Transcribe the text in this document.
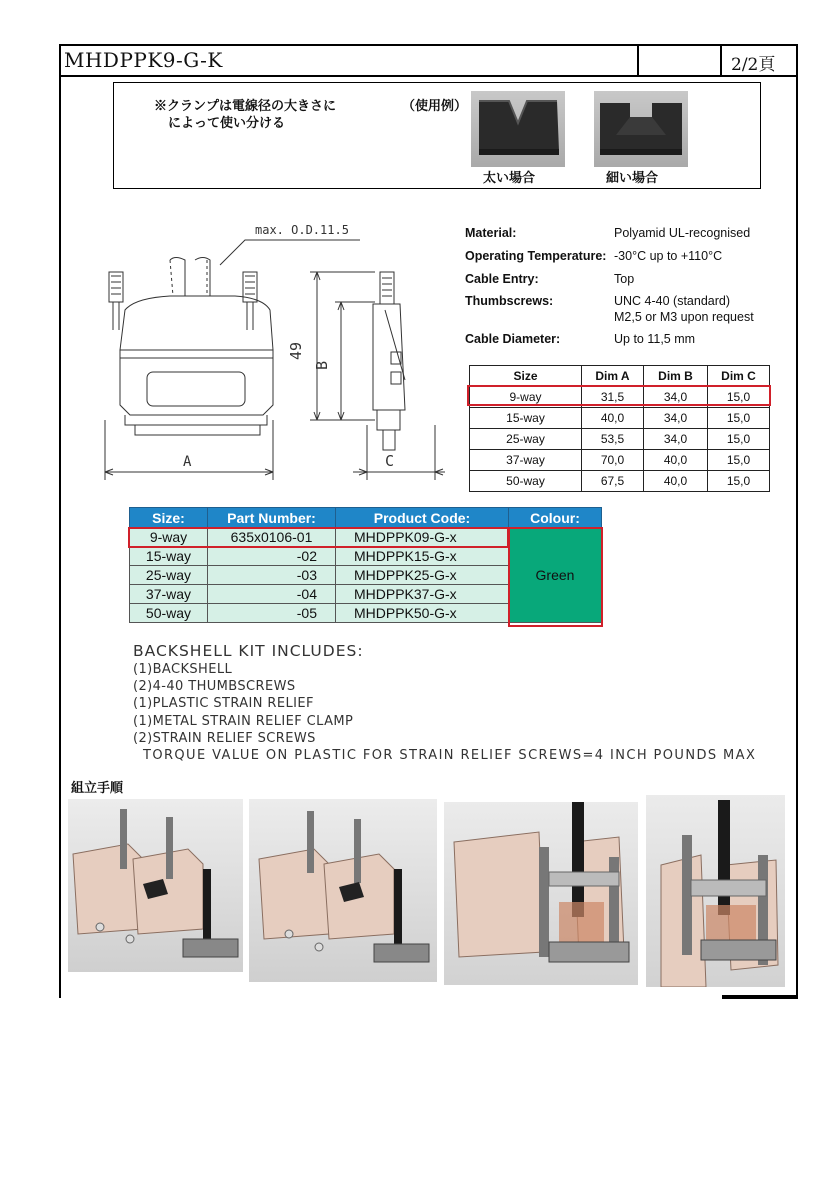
MHDPPK9-G-K	2/2頁
※クランプは電線径の大きさに
によって使い分ける
（使用例）
太い場合	細い場合
max. O.D.11.5
A
49
B
C
Material:	Polyamid UL-recognised
Operating Temperature: -30°C up to +110°C
Cable Entry:	Top
Thumbscrews:	UNC 4-40 (standard)
M2,5 or M3 upon request
Cable Diameter:	Up to 11,5 mm
Size	Dim A	Dim B	Dim C
9-way	31,5	34,0	15,0
15-way	40,0	34,0	15,0
25-way	53,5	34,0	15,0
37-way	70,0	40,0	15,0
50-way	67,5	40,0	15,0
Size:	Part Number:	Product Code:	Colour:
9-way	635x0106-01	MHDPPK09-G-x	Green
15-way	-02	MHDPPK15-G-x	
25-way	-03	MHDPPK25-G-x	
37-way	-04	MHDPPK37-G-x	
50-way	-05	MHDPPK50-G-x	
BACKSHELL KIT INCLUDES:
(1)BACKSHELL
(2)4-40 THUMBSCREWS
(1)PLASTIC STRAIN RELIEF
(1)METAL STRAIN RELIEF CLAMP
(2)STRAIN RELIEF SCREWS
TORQUE VALUE ON PLASTIC FOR STRAIN RELIEF SCREWS=4 INCH POUNDS MAX
組立手順
